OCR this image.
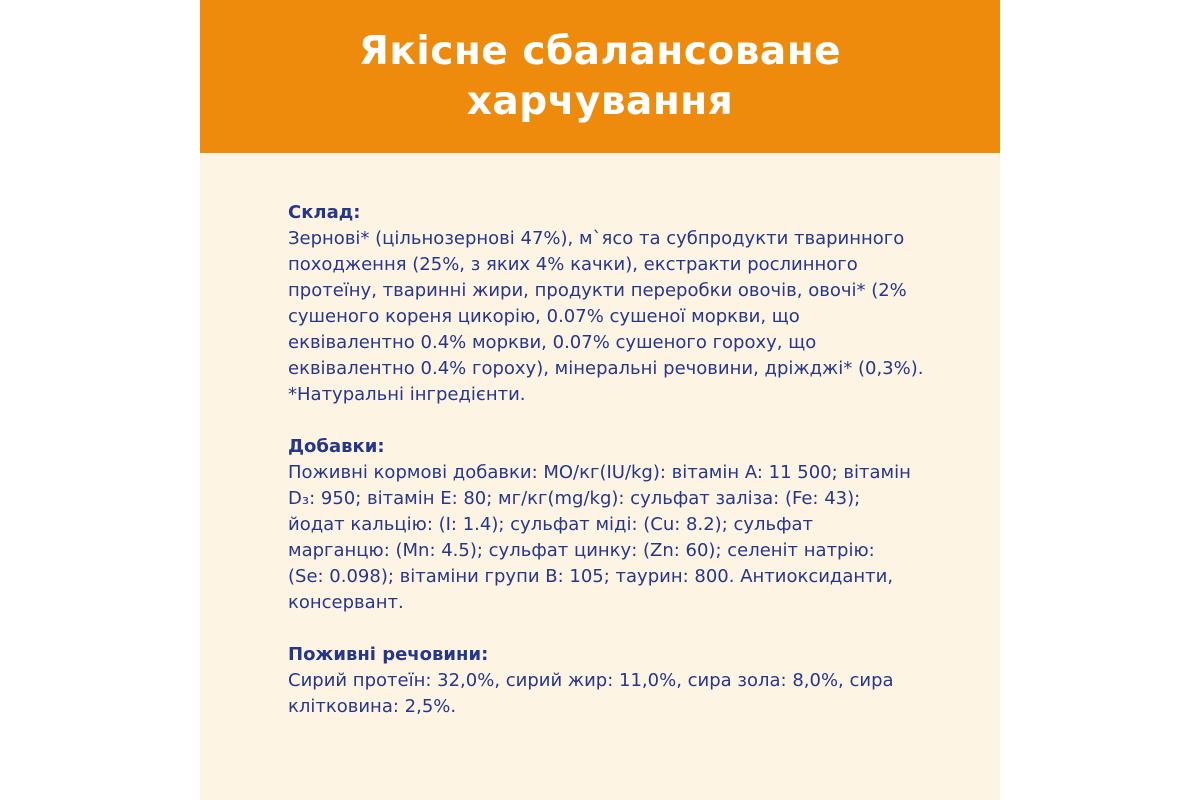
Якісне сбалансоване
харчування
Склад:
Зернові* (цільнозернові 47%), м`ясо та субпродукти тваринного
походження (25%, з яких 4% качки), екстракти рослинного
протеїну, тваринні жири, продукти переробки овочів, овочі* (2%
сушеного кореня цикорію, 0.07% сушеної моркви, що
еквівалентно 0.4% моркви, 0.07% сушеного гороху, що
еквівалентно 0.4% гороху), мінеральні речовини, дріжджі* (0,3%).
*Натуральні інгредієнти.
Добавки:
Поживні кормові добавки: МО/кг(IU/kg): вітамін A: 11 500; вітамін
D₃: 950; вітамін E: 80; мг/кг(mg/kg): сульфат заліза: (Fe: 43);
йодат кальцію: (I: 1.4); сульфат міді: (Cu: 8.2); сульфат
марганцю: (Mn: 4.5); сульфат цинку: (Zn: 60); селеніт натрію:
(Se: 0.098); вітаміни групи B: 105; таурин: 800. Антиоксиданти,
консервант.
Поживні речовини:
Сирий протеїн: 32,0%, сирий жир: 11,0%, сира зола: 8,0%, сира
клітковина: 2,5%.
